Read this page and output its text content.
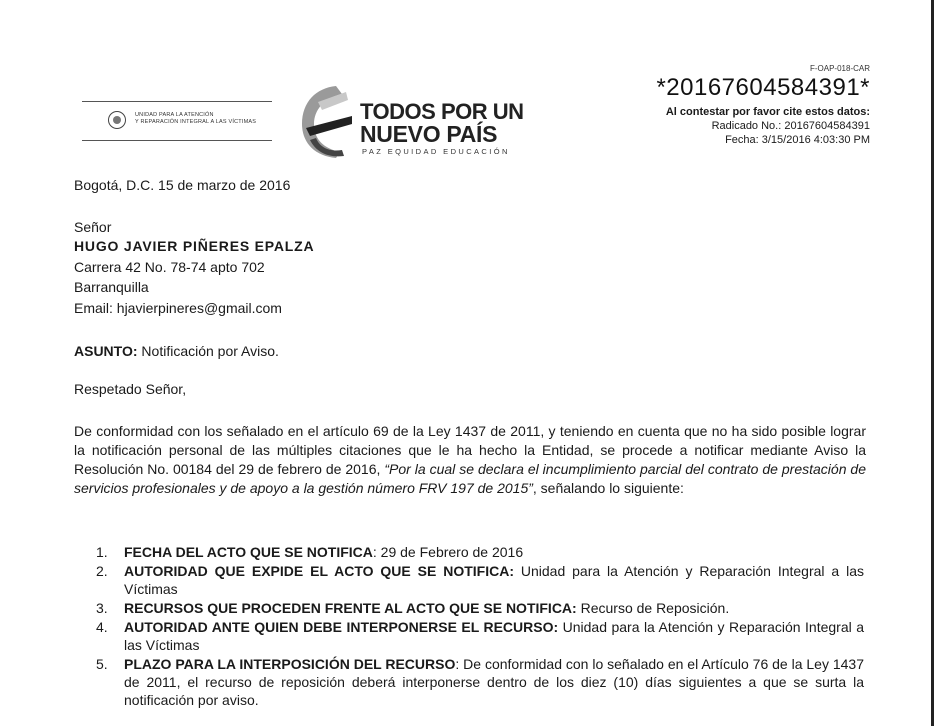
UNIDAD PARA LA ATENCIÓN
Y REPARACIÓN INTEGRAL A LAS VÍCTIMAS	TODOS POR UN
NUEVO PAÍS
PAZ EQUIDAD EDUCACIÓN
F-OAP-018-CAR
*20167604584391*
Al contestar por favor cite estos datos:
Radicado No.: 20167604584391
Fecha: 3/15/2016 4:03:30 PM
Bogotá, D.C. 15 de marzo de 2016
Señor
HUGO JAVIER PIÑERES EPALZA
Carrera 42 No. 78-74 apto 702
Barranquilla
Email: hjavierpineres@gmail.com
ASUNTO: Notificación por Aviso.
Respetado Señor,
De conformidad con los señalado en el artículo 69 de la Ley 1437 de 2011, y teniendo en cuenta que no ha sido posible lograr la notificación personal de las múltiples citaciones que le ha hecho la Entidad, se procede a notificar mediante Aviso la Resolución No. 00184 del 29 de febrero de 2016, “Por la cual se declara el incumplimiento parcial del contrato de prestación de servicios profesionales y de apoyo a la gestión número FRV 197 de 2015”, señalando lo siguiente:
1. FECHA DEL ACTO QUE SE NOTIFICA: 29 de Febrero de 2016
2. AUTORIDAD QUE EXPIDE EL ACTO QUE SE NOTIFICA: Unidad para la Atención y Reparación Integral a las Víctimas
3. RECURSOS QUE PROCEDEN FRENTE AL ACTO QUE SE NOTIFICA: Recurso de Reposición.
4. AUTORIDAD ANTE QUIEN DEBE INTERPONERSE EL RECURSO: Unidad para la Atención y Reparación Integral a las Víctimas
5. PLAZO PARA LA INTERPOSICIÓN DEL RECURSO: De conformidad con lo señalado en el Artículo 76 de la Ley 1437 de 2011, el recurso de reposición deberá interponerse dentro de los diez (10) días siguientes a que se surta la notificación por aviso.
